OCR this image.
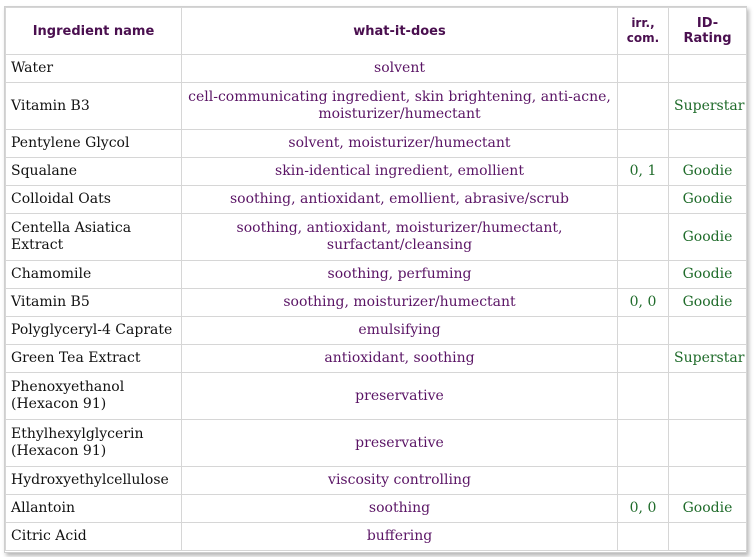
Ingredient name	what-it-does	irr., com.	ID-Rating
Water	solvent		
Vitamin B3	cell-communicating ingredient, skin brightening, anti-acne, moisturizer/humectant		Superstar
Pentylene Glycol	solvent, moisturizer/humectant		
Squalane	skin-identical ingredient, emollient	0, 1	Goodie
Colloidal Oats	soothing, antioxidant, emollient, abrasive/scrub		Goodie
Centella Asiatica Extract	soothing, antioxidant, moisturizer/humectant, surfactant/cleansing		Goodie
Chamomile	soothing, perfuming		Goodie
Vitamin B5	soothing, moisturizer/humectant	0, 0	Goodie
Polyglyceryl-4 Caprate	emulsifying		
Green Tea Extract	antioxidant, soothing		Superstar
Phenoxyethanol (Hexacon 91)	preservative		
Ethylhexylglycerin (Hexacon 91)	preservative		
Hydroxyethylcellulose	viscosity controlling		
Allantoin	soothing	0, 0	Goodie
Citric Acid	buffering		
